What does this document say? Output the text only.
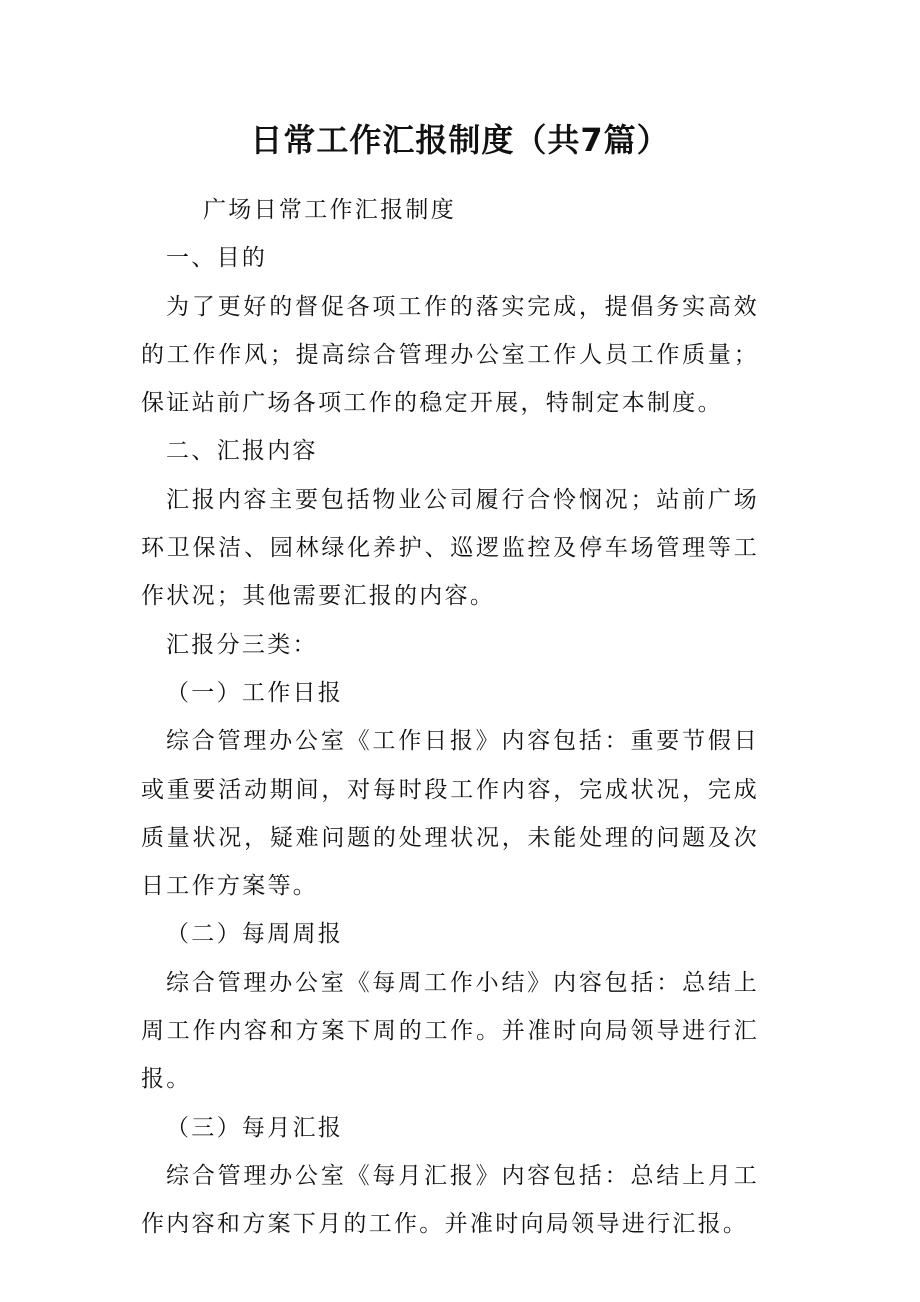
日常工作汇报制度（共7篇）

广场日常工作汇报制度

一、目的

为了更好的督促各项工作的落实完成，提倡务实高效的工作作风；提高综合管理办公室工作人员工作质量；保证站前广场各项工作的稳定开展，特制定本制度。

二、汇报内容

汇报内容主要包括物业公司履行合怜悯况；站前广场环卫保洁、园林绿化养护、巡逻监控及停车场管理等工作状况；其他需要汇报的内容。

汇报分三类：

（一）工作日报

综合管理办公室《工作日报》内容包括：重要节假日或重要活动期间，对每时段工作内容，完成状况，完成质量状况，疑难问题的处理状况，未能处理的问题及次日工作方案等。

（二）每周周报

综合管理办公室《每周工作小结》内容包括：总结上周工作内容和方案下周的工作。并准时向局领导进行汇报。

（三）每月汇报

综合管理办公室《每月汇报》内容包括：总结上月工作内容和方案下月的工作。并准时向局领导进行汇报。
